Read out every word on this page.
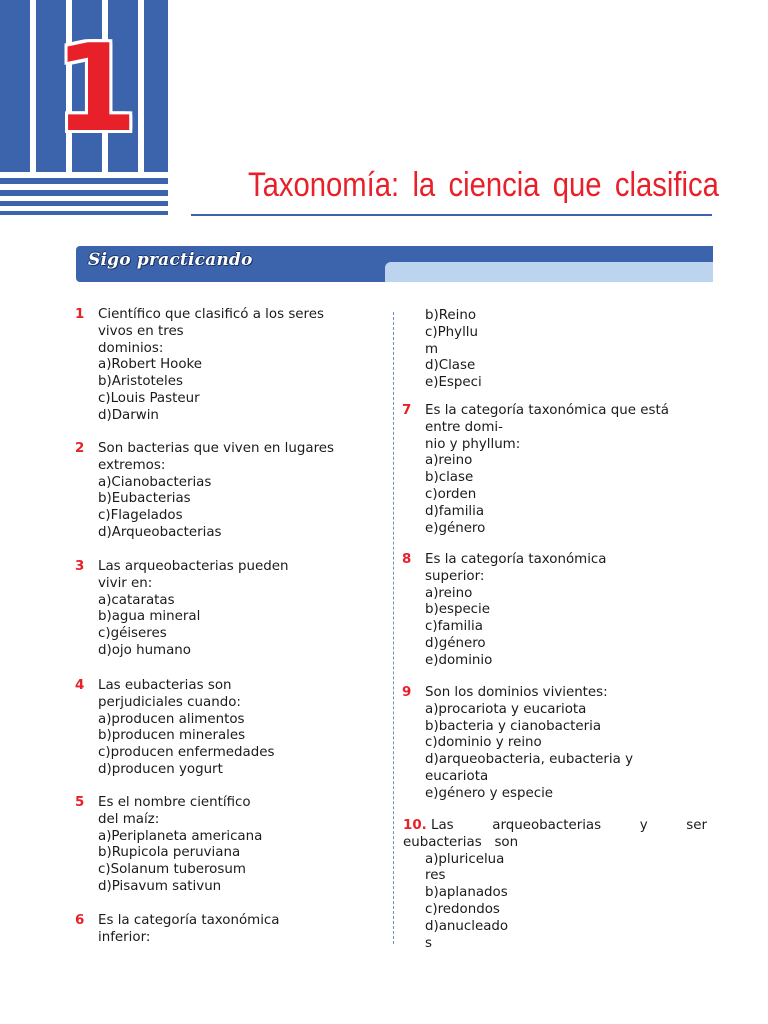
1
Taxonomía: la ciencia que clasifica
Sigo practicando
1 Científico que clasificó a los seres
vivos en tres
dominios:
a)Robert Hooke
b)Aristoteles
c)Louis Pasteur
d)Darwin
2 Son bacterias que viven en lugares
extremos:
a)Cianobacterias
b)Eubacterias
c)Flagelados
d)Arqueobacterias
3 Las arqueobacterias pueden
vivir en:
a)cataratas
b)agua mineral
c)géiseres
d)ojo humano
4 Las eubacterias son
perjudiciales cuando:
a)producen alimentos
b)producen minerales
c)producen enfermedades
d)producen yogurt
5 Es el nombre científico
del maíz:
a)Periplaneta americana
b)Rupicola peruviana
c)Solanum tuberosum
d)Pisavum sativun
6 Es la categoría taxonómica
inferior:
b)Reino
c)Phyllu
m
d)Clase
e)Especi
7 Es la categoría taxonómica que está
entre domi-
nio y phyllum:
a)reino
b)clase
c)orden
d)familia
e)género
8 Es la categoría taxonómica
superior:
a)reino
b)especie
c)familia
d)género
e)dominio
9 Son los dominios vivientes:
a)procariota y eucariota
b)bacteria y cianobacteria
c)dominio y reino
d)arqueobacteria, eubacteria y
eucariota
e)género y especie
10. Las	arqueobacterias	y	ser
eubacterias   son
a)pluricelua
res
b)aplanados
c)redondos
d)anucleado
s
